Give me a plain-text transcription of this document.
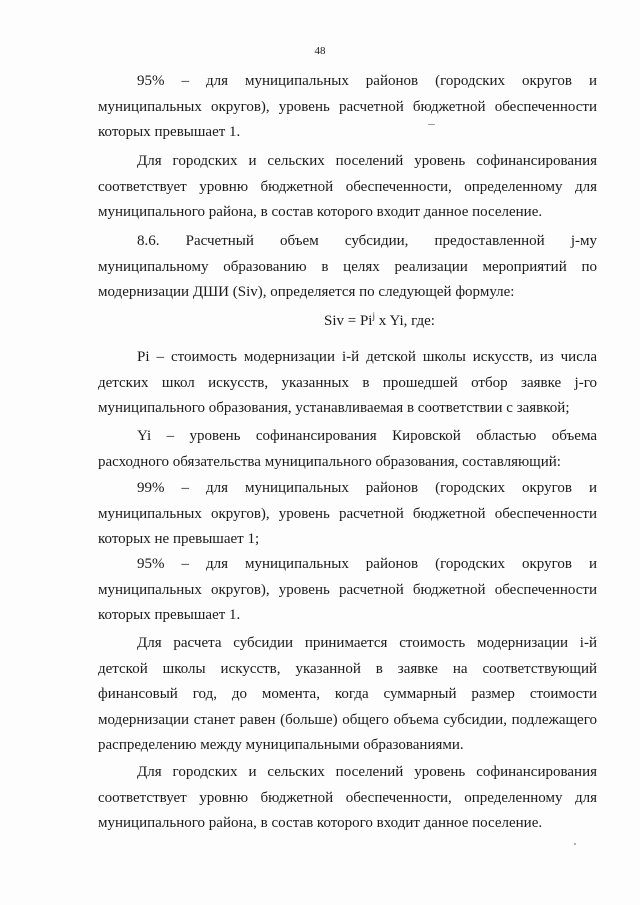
48

95% – для муниципальных районов (городских округов и муниципальных округов), уровень расчетной бюджетной обеспеченности которых превышает 1.

Для городских и сельских поселений уровень софинансирования соответствует уровню бюджетной обеспеченности, определенному для муниципального района, в состав которого входит данное поселение.

8.6. Расчетный объем субсидии, предоставленной j-му муниципальному образованию в целях реализации мероприятий по модернизации ДШИ (Siv), определяется по следующей формуле:

Siv = $Pi^j$ x Yi, где:

Pi – стоимость модернизации i-й детской школы искусств, из числа детских школ искусств, указанных в прошедшей отбор заявке j-го муниципального образования, устанавливаемая в соответствии с заявкой;

Yi – уровень софинансирования Кировской областью объема расходного обязательства муниципального образования, составляющий:

99% – для муниципальных районов (городских округов и муниципальных округов), уровень расчетной бюджетной обеспеченности которых не превышает 1;

95% – для муниципальных районов (городских округов и муниципальных округов), уровень расчетной бюджетной обеспеченности которых превышает 1.

Для расчета субсидии принимается стоимость модернизации i-й детской школы искусств, указанной в заявке на соответствующий финансовый год, до момента, когда суммарный размер стоимости модернизации станет равен (больше) общего объема субсидии, подлежащего распределению между муниципальными образованиями.

Для городских и сельских поселений уровень софинансирования соответствует уровню бюджетной обеспеченности, определенному для муниципального района, в состав которого входит данное поселение.
